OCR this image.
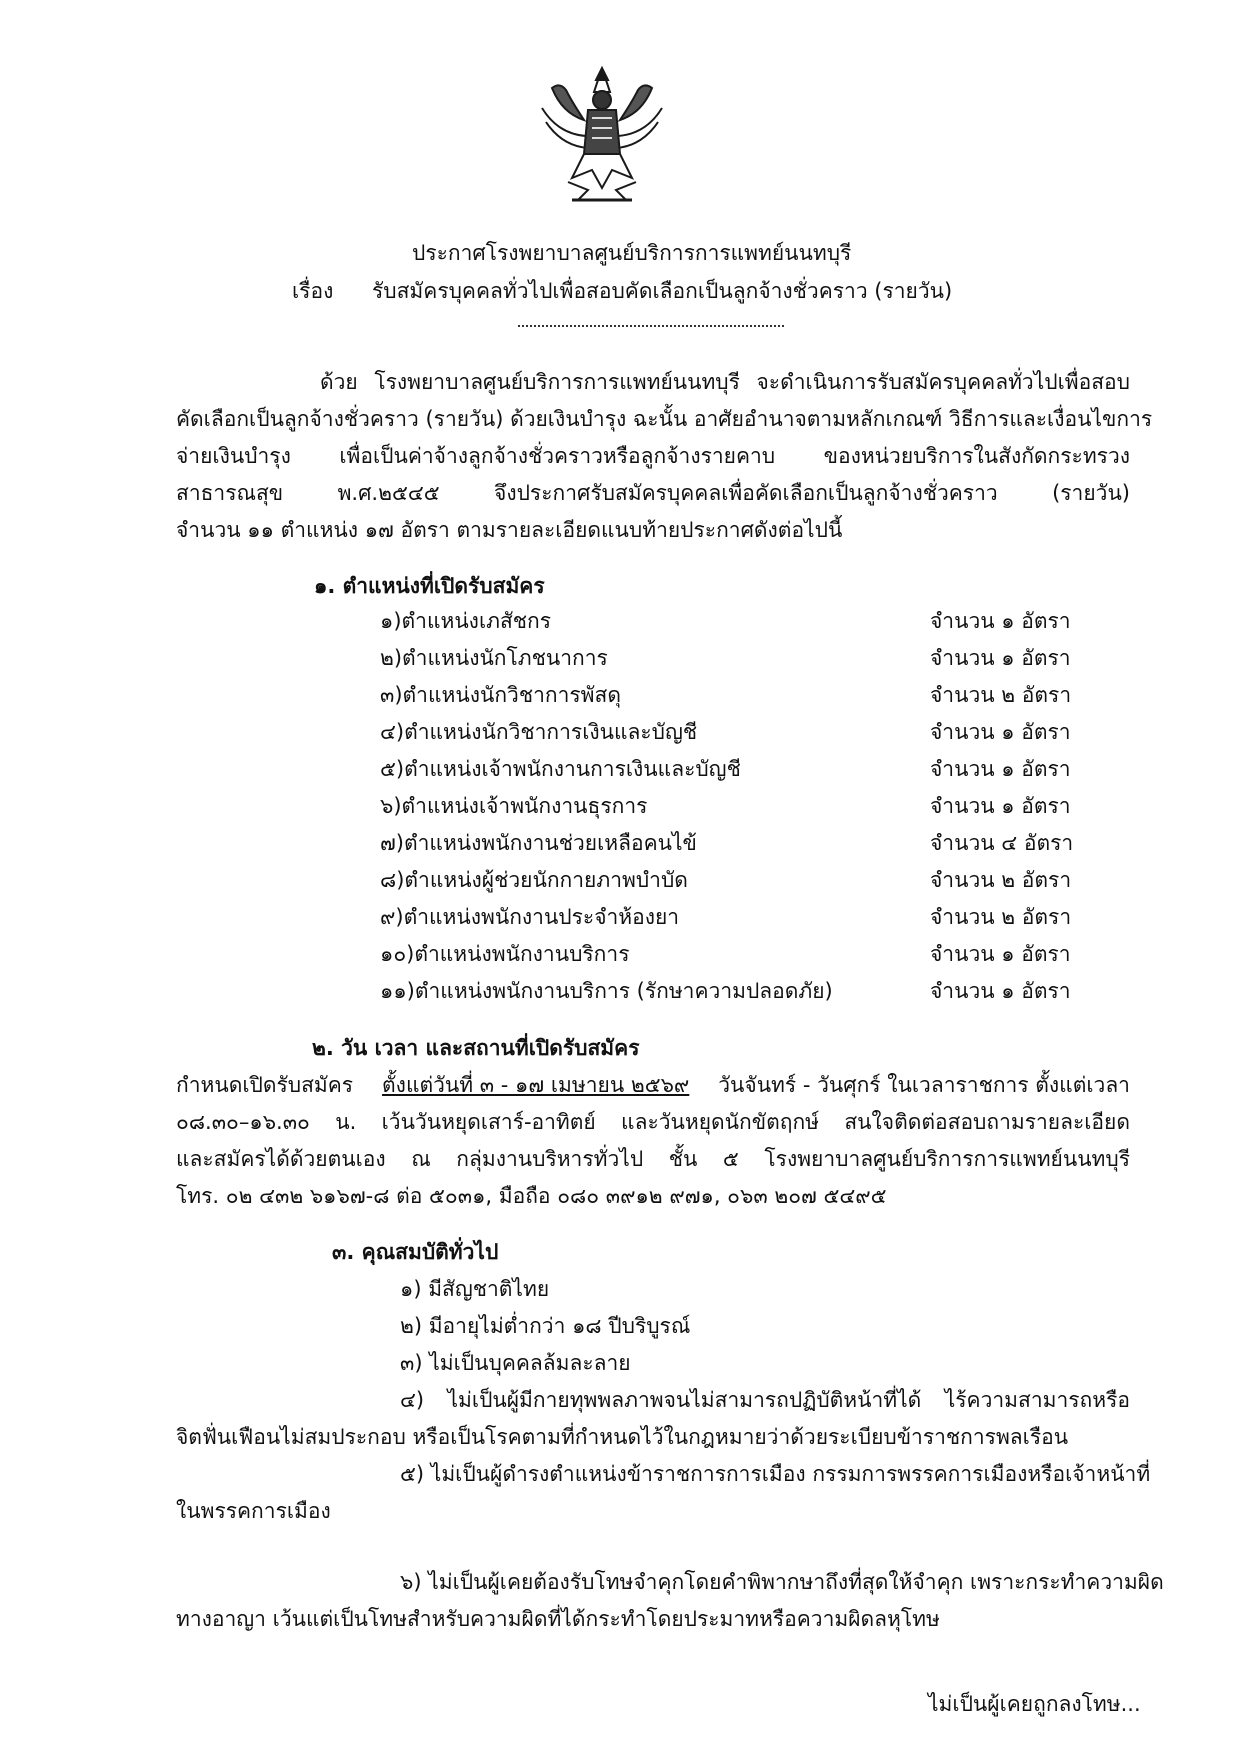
ประกาศโรงพยาบาลศูนย์บริการการแพทย์นนทบุรี
เรื่อง รับสมัครบุคคลทั่วไปเพื่อสอบคัดเลือกเป็นลูกจ้างชั่วคราว (รายวัน)
ด้วย โรงพยาบาลศูนย์บริการการแพทย์นนทบุรี จะดำเนินการรับสมัครบุคคลทั่วไปเพื่อสอบ
คัดเลือกเป็นลูกจ้างชั่วคราว (รายวัน) ด้วยเงินบำรุง ฉะนั้น อาศัยอำนาจตามหลักเกณฑ์ วิธีการและเงื่อนไขการ
จ่ายเงินบำรุง เพื่อเป็นค่าจ้างลูกจ้างชั่วคราวหรือลูกจ้างรายคาบ ของหน่วยบริการในสังกัดกระทรวง
สาธารณสุข พ.ศ.๒๕๔๕ จึงประกาศรับสมัครบุคคลเพื่อคัดเลือกเป็นลูกจ้างชั่วคราว (รายวัน)
จำนวน ๑๑ ตำแหน่ง ๑๗ อัตรา ตามรายละเอียดแนบท้ายประกาศดังต่อไปนี้
๑. ตำแหน่งที่เปิดรับสมัคร
๑)ตำแหน่งเภสัชกร	จำนวน ๑ อัตรา
๒)ตำแหน่งนักโภชนาการ	จำนวน ๑ อัตรา
๓)ตำแหน่งนักวิชาการพัสดุ	จำนวน ๒ อัตรา
๔)ตำแหน่งนักวิชาการเงินและบัญชี	จำนวน ๑ อัตรา
๕)ตำแหน่งเจ้าพนักงานการเงินและบัญชี	จำนวน ๑ อัตรา
๖)ตำแหน่งเจ้าพนักงานธุรการ	จำนวน ๑ อัตรา
๗)ตำแหน่งพนักงานช่วยเหลือคนไข้	จำนวน ๔ อัตรา
๘)ตำแหน่งผู้ช่วยนักกายภาพบำบัด	จำนวน ๒ อัตรา
๙)ตำแหน่งพนักงานประจำห้องยา	จำนวน ๒ อัตรา
๑๐)ตำแหน่งพนักงานบริการ	จำนวน ๑ อัตรา
๑๑)ตำแหน่งพนักงานบริการ (รักษาความปลอดภัย)	จำนวน ๑ อัตรา
๒. วัน เวลา และสถานที่เปิดรับสมัคร
กำหนดเปิดรับสมัคร ตั้งแต่วันที่ ๓ - ๑๗ เมษายน ๒๕๖๙ วันจันทร์ - วันศุกร์ ในเวลาราชการ ตั้งแต่เวลา
๐๘.๓๐–๑๖.๓๐ น. เว้นวันหยุดเสาร์-อาทิตย์ และวันหยุดนักขัตฤกษ์ สนใจติดต่อสอบถามรายละเอียด
และสมัครได้ด้วยตนเอง ณ กลุ่มงานบริหารทั่วไป ชั้น ๕ โรงพยาบาลศูนย์บริการการแพทย์นนทบุรี
โทร. ๐๒ ๔๓๒ ๖๑๖๗-๘ ต่อ ๕๐๓๑, มือถือ ๐๘๐ ๓๙๑๒ ๙๗๑, ๐๖๓ ๒๐๗ ๕๔๙๕
๓. คุณสมบัติทั่วไป
๑) มีสัญชาติไทย
๒) มีอายุไม่ต่ำกว่า ๑๘ ปีบริบูรณ์
๓) ไม่เป็นบุคคลล้มละลาย
๔) ไม่เป็นผู้มีกายทุพพลภาพจนไม่สามารถปฏิบัติหน้าที่ได้ ไร้ความสามารถหรือ
จิตฟั่นเฟือนไม่สมประกอบ หรือเป็นโรคตามที่กำหนดไว้ในกฎหมายว่าด้วยระเบียบข้าราชการพลเรือน
๕) ไม่เป็นผู้ดำรงตำแหน่งข้าราชการการเมือง กรรมการพรรคการเมืองหรือเจ้าหน้าที่
ในพรรคการเมือง
๖) ไม่เป็นผู้เคยต้องรับโทษจำคุกโดยคำพิพากษาถึงที่สุดให้จำคุก เพราะกระทำความผิด
ทางอาญา เว้นแต่เป็นโทษสำหรับความผิดที่ได้กระทำโดยประมาทหรือความผิดลหุโทษ
ไม่เป็นผู้เคยถูกลงโทษ...
